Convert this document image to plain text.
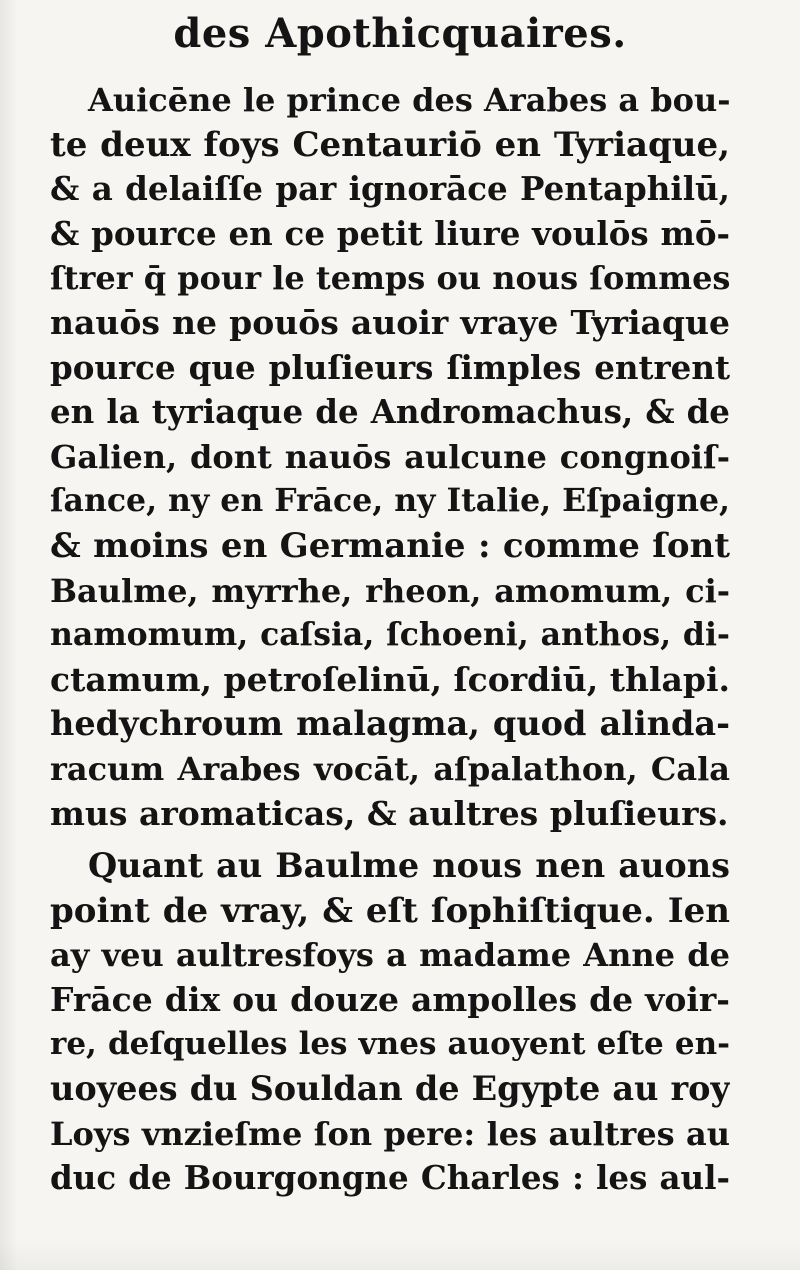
des Apothicquaires.
Auicēne le prince des Arabes a bou-
te deux foys Centauriō en Tyriaque,
& a delaiſſe par ignorāce Pentaphilū,
& pource en ce petit liure voulōs mō-
ſtrer q̄ pour le temps ou nous ſommes
nauōs ne pouōs auoir vraye Tyriaque
pource que pluſieurs ſimples entrent
en la tyriaque de Andromachus, & de
Galien, dont nauōs aulcune congnoiſ-
ſance, ny en Frāce, ny Italie, Eſpaigne,
& moins en Germanie : comme ſont
Baulme, myrrhe, rheon, amomum, ci-
namomum, caſsia, ſchoeni, anthos, di-
ctamum, petroſelinū, ſcordiū, thlapi.
hedychroum malagma, quod alinda-
racum Arabes vocāt, aſpalathon, Cala
mus aromaticas, & aultres pluſieurs.
Quant au Baulme nous nen auons
point de vray, & eſt ſophiſtique. Ien
ay veu aultresfoys a madame Anne de
Frāce dix ou douze ampolles de voir-
re, deſquelles les vnes auoyent eſte en-
uoyees du Souldan de Egypte au roy
Loys vnzieſme ſon pere: les aultres au
duc de Bourgongne Charles : les aul-
